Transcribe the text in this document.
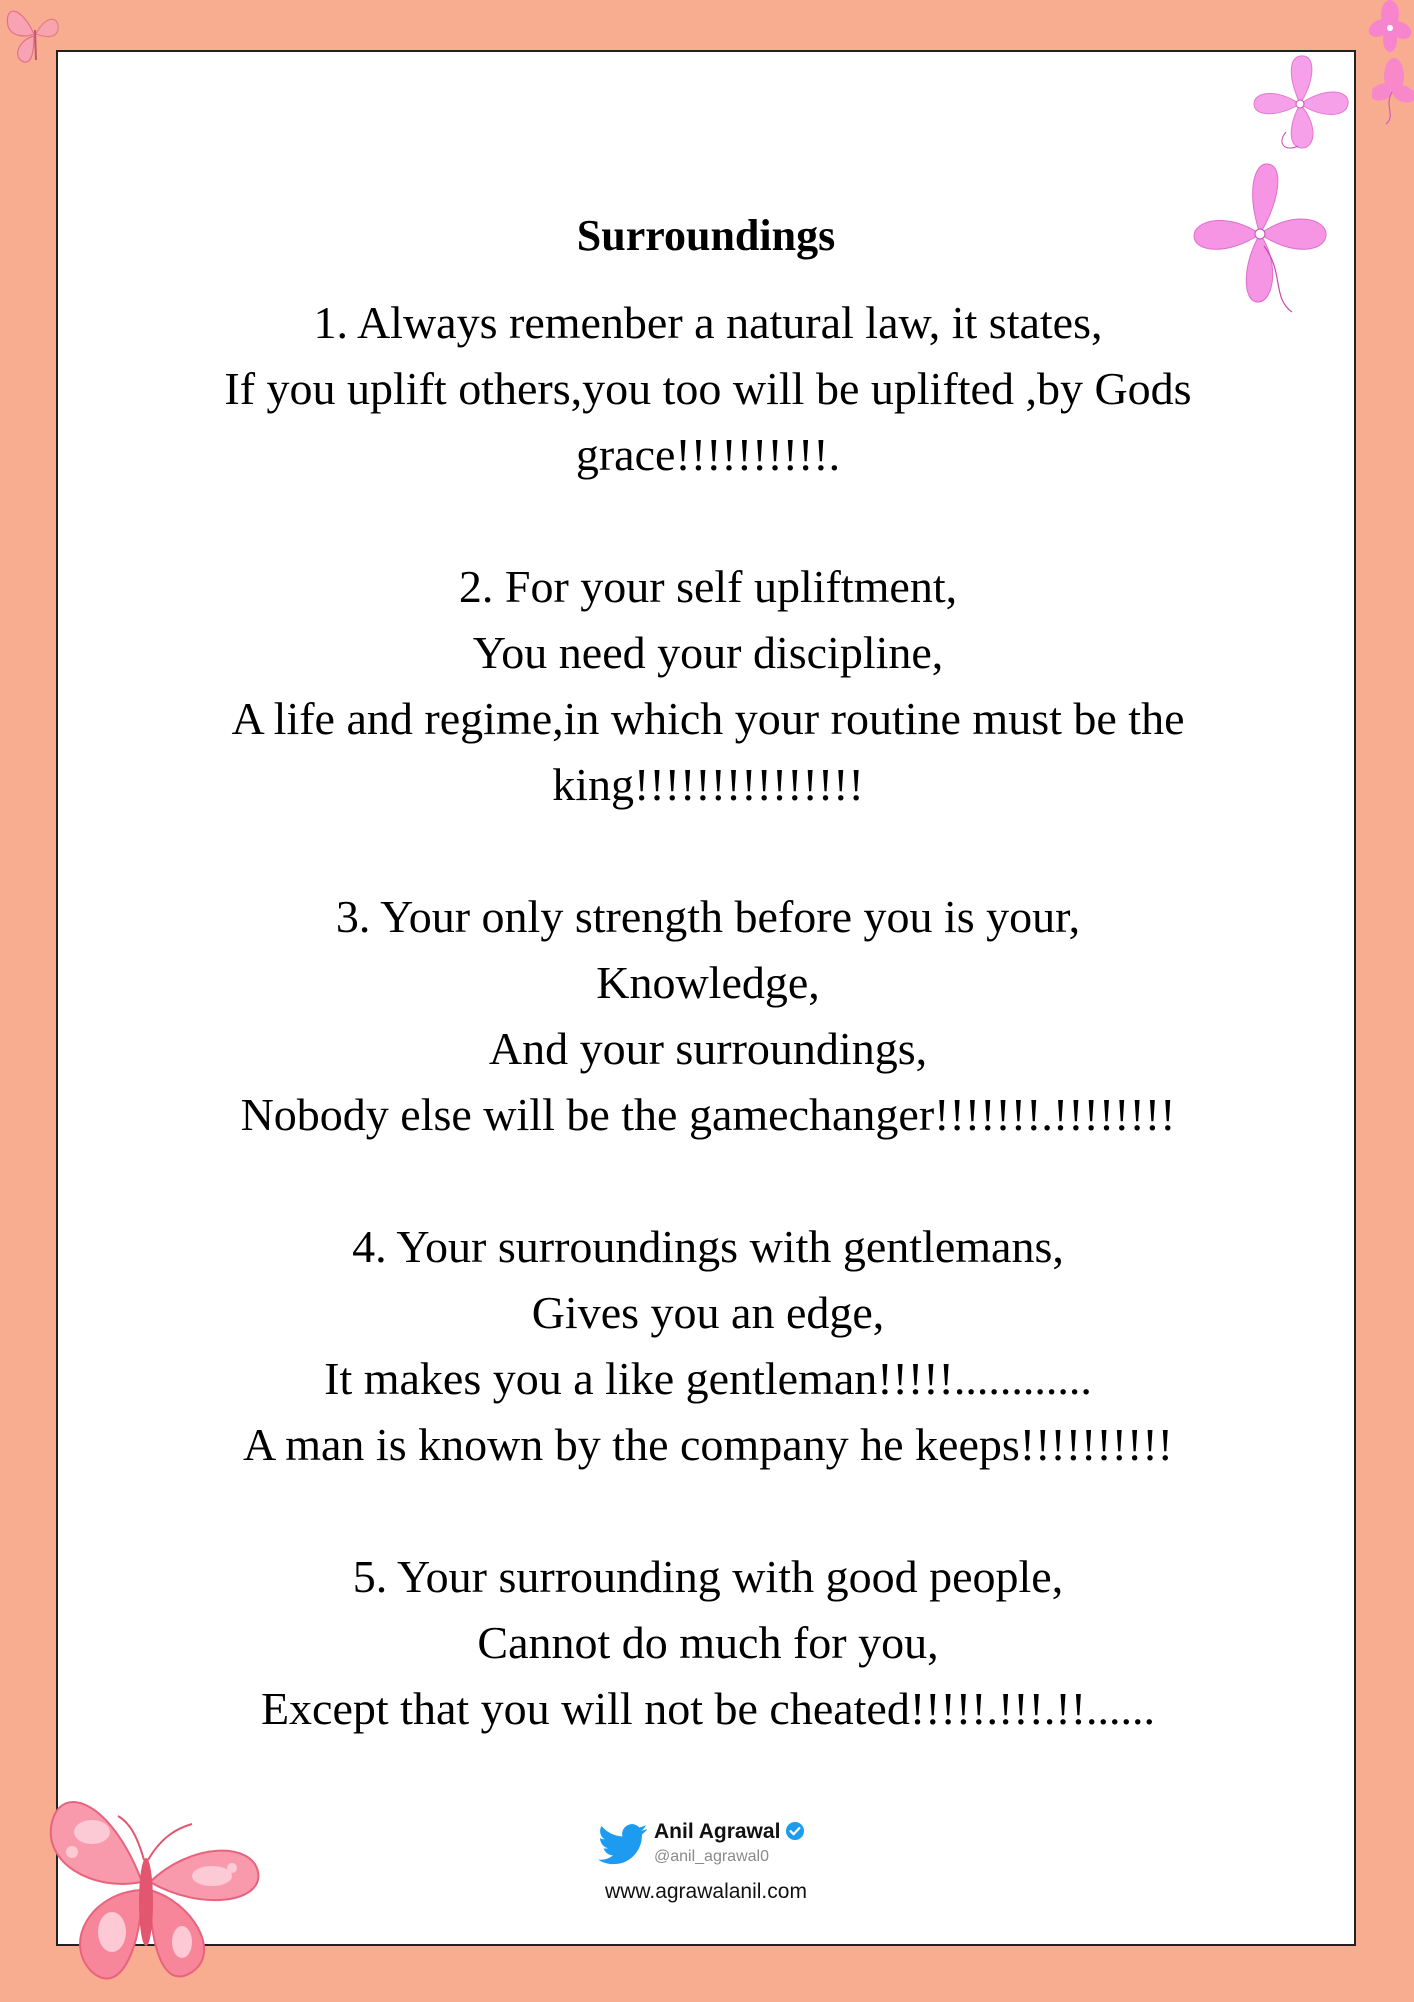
Surroundings

1. Always remenber a natural law, it states,
If you uplift others,you too will be uplifted ,by Gods
grace!!!!!!!!!!.

2. For your self upliftment,
You need your discipline,
A life and regime,in which your routine must be the
king!!!!!!!!!!!!!!!

3. Your only strength before you is your,
Knowledge,
And your surroundings,
Nobody else will be the gamechanger!!!!!!!.!!!!!!!!

4. Your surroundings with gentlemans,
Gives you an edge,
It makes you a like gentleman!!!!!............
A man is known by the company he keeps!!!!!!!!!!

5. Your surrounding with good people,
Cannot do much for you,
Except that you will not be cheated!!!!!.!!!.!!......

Anil Agrawal
@anil_agrawal0
www.agrawalanil.com
